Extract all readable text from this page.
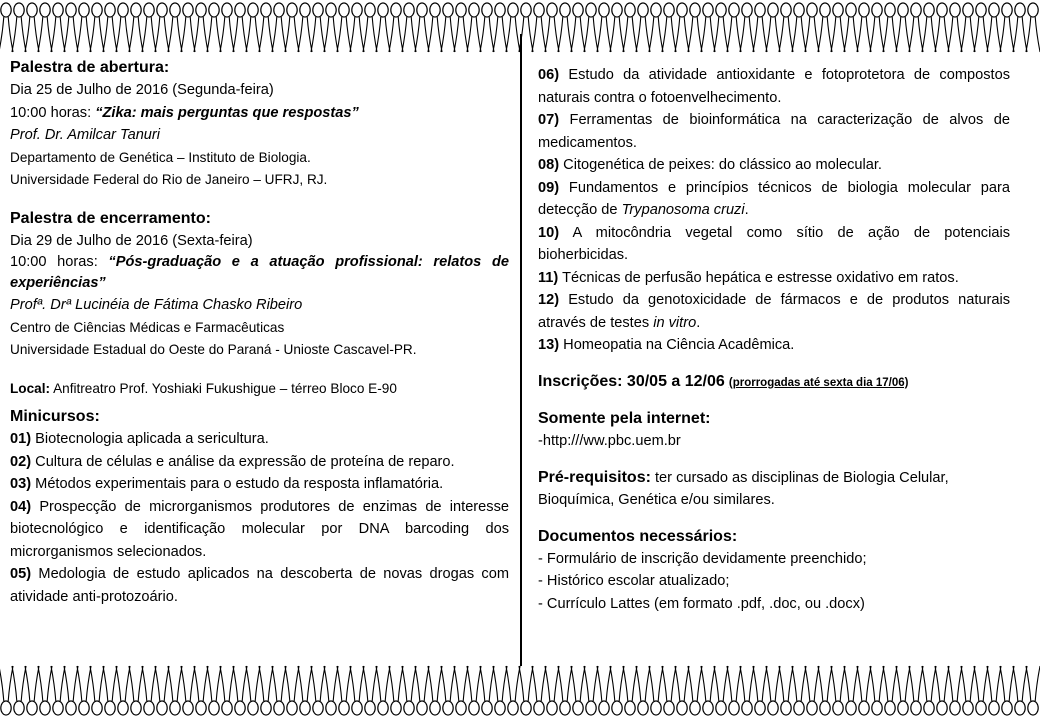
Palestra de abertura:
Dia 25 de Julho de 2016 (Segunda-feira)
10:00 horas: “Zika: mais perguntas que respostas”
Prof. Dr. Amilcar Tanuri
Departamento de Genética – Instituto de Biologia.
Universidade Federal do Rio de Janeiro – UFRJ, RJ.
Palestra de encerramento:
Dia 29 de Julho de 2016 (Sexta-feira)
10:00 horas: “Pós-graduação e a atuação profissional: relatos de experiências”
Profª. Drª Lucinéia de Fátima Chasko Ribeiro
Centro de Ciências Médicas e Farmacêuticas
Universidade Estadual do Oeste do Paraná - Unioste Cascavel-PR.
Local: Anfitreatro Prof. Yoshiaki Fukushigue – térreo Bloco E-90
Minicursos:
01) Biotecnologia aplicada a sericultura.
02) Cultura de células e análise da expressão de proteína de reparo.
03) Métodos experimentais para o estudo da resposta inflamatória.
04) Prospecção de microrganismos produtores de enzimas de interesse biotecnológico e identificação molecular por DNA barcoding dos microrganismos selecionados.
05) Medologia de estudo aplicados na descoberta de novas drogas com atividade anti-protozoário.
06) Estudo da atividade antioxidante e fotoprotetora de compostos naturais contra o fotoenvelhecimento.
07) Ferramentas de bioinformática na caracterização de alvos de medicamentos.
08) Citogenética de peixes: do clássico ao molecular.
09) Fundamentos e princípios técnicos de biologia molecular para detecção de Trypanosoma cruzi.
10) A mitocôndria vegetal como sítio de ação de potenciais bioherbicidas.
11) Técnicas de perfusão hepática e estresse oxidativo em ratos.
12) Estudo da genotoxicidade de fármacos e de produtos naturais através de testes in vitro.
13) Homeopatia na Ciência Acadêmica.
Inscrições: 30/05 a 12/06 (prorrogadas até sexta dia 17/06)
Somente pela internet:
-http:///ww.pbc.uem.br
Pré-requisitos: ter cursado as disciplinas de Biologia Celular, Bioquímica, Genética e/ou similares.
Documentos necessários:
- Formulário de inscrição devidamente preenchido;
- Histórico escolar atualizado;
- Currículo Lattes (em formato .pdf, .doc, ou .docx)
